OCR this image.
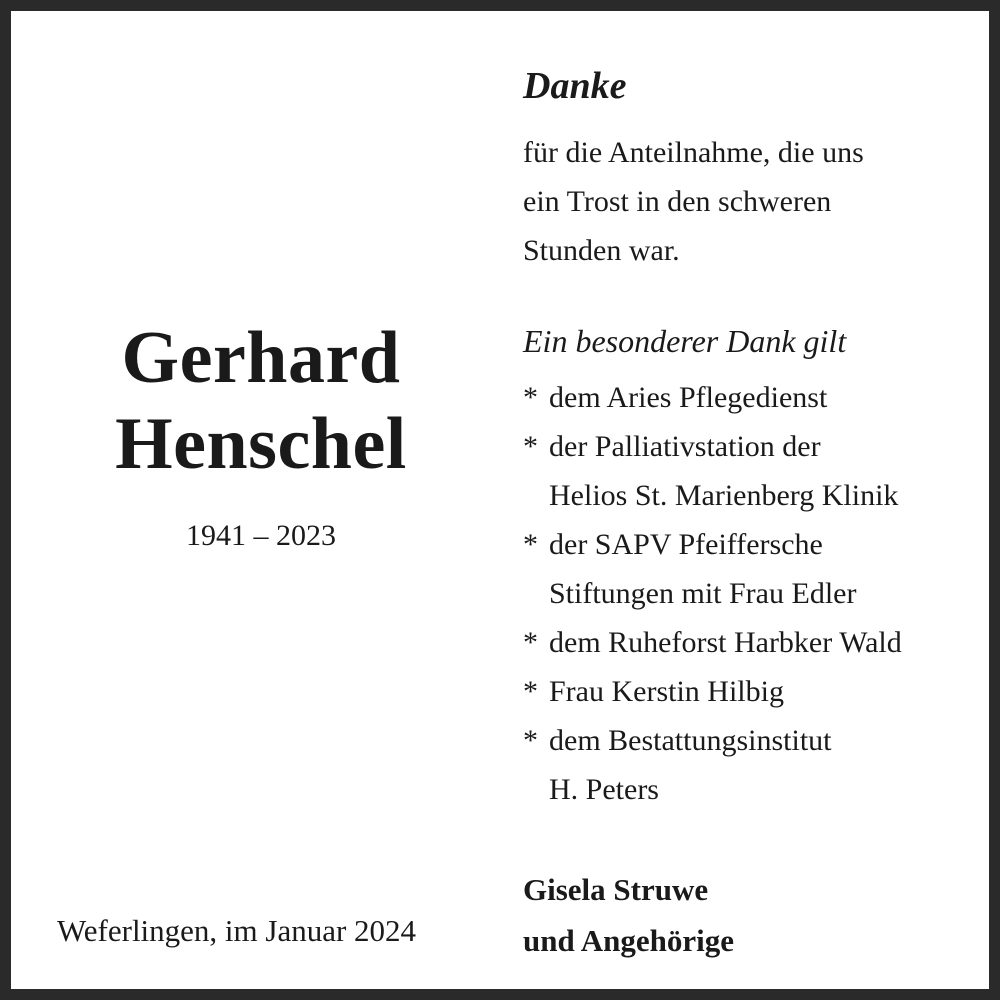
Gerhard
Henschel
1941 – 2023
Weferlingen, im Januar 2024
Danke
für die Anteilnahme, die uns
ein Trost in den schweren
Stunden war.
Ein besonderer Dank gilt
* dem Aries Pflegedienst
* der Palliativstation der
Helios St. Marienberg Klinik
* der SAPV Pfeiffersche
Stiftungen mit Frau Edler
* dem Ruheforst Harbker Wald
* Frau Kerstin Hilbig
* dem Bestattungsinstitut
H. Peters
Gisela Struwe
und Angehörige
